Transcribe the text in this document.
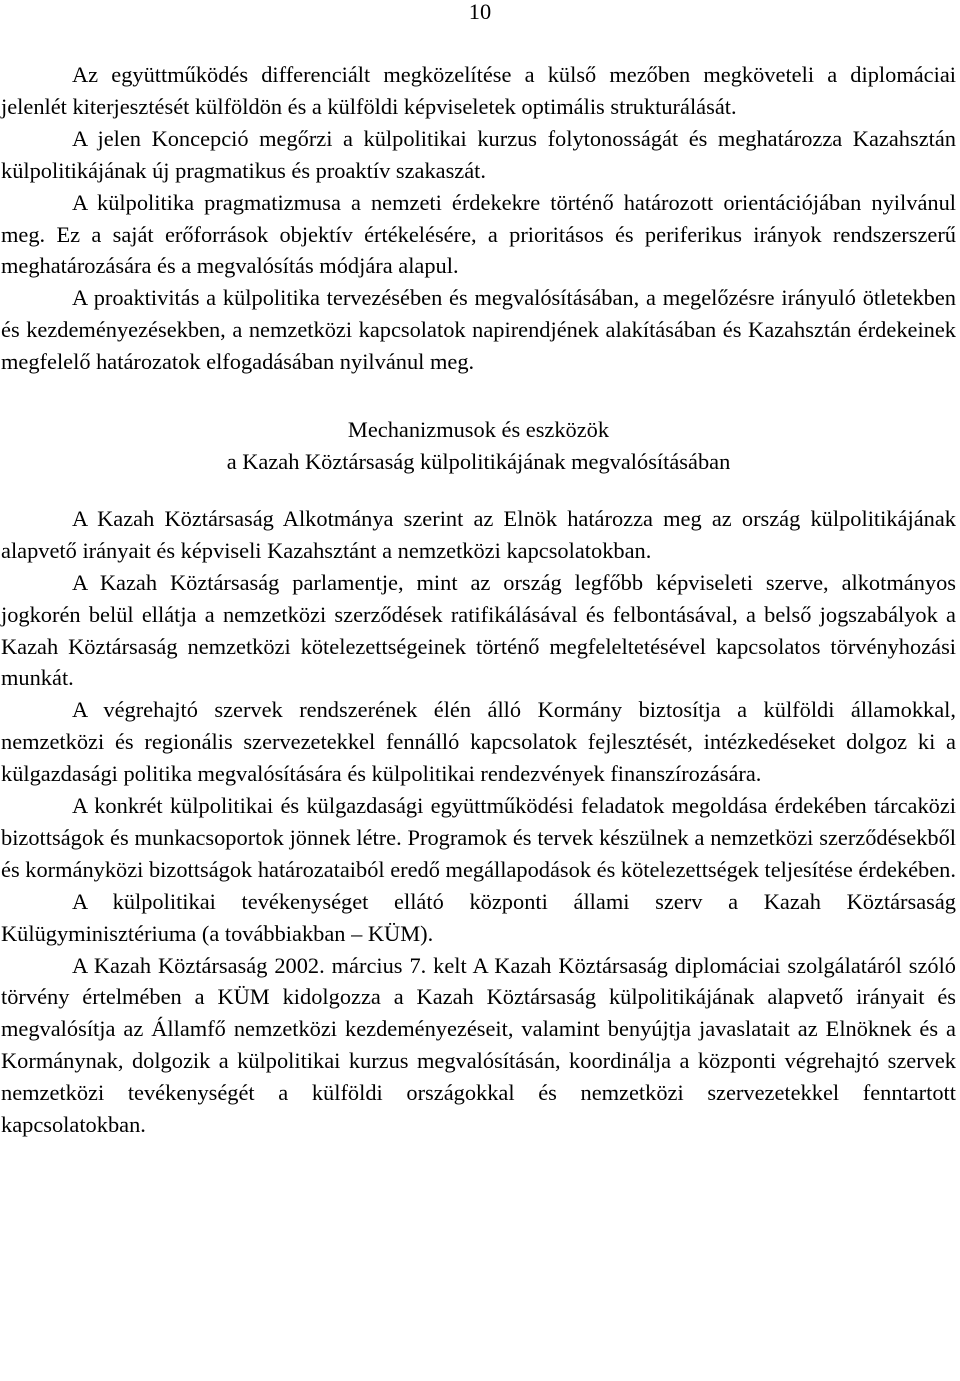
10

Az együttműködés differenciált megközelítése a külső mezőben megköveteli a diplomáciai jelenlét kiterjesztését külföldön és a külföldi képviseletek optimális strukturálását.

A jelen Koncepció megőrzi a külpolitikai kurzus folytonosságát és meghatározza Kazahsztán külpolitikájának új pragmatikus és proaktív szakaszát.

A külpolitika pragmatizmusa a nemzeti érdekekre történő határozott orientációjában nyilvánul meg. Ez a saját erőforrások objektív értékelésére, a prioritásos és periferikus irányok rendszerszerű meghatározására és a megvalósítás módjára alapul.

A proaktivitás a külpolitika tervezésében és megvalósításában, a megelőzésre irányuló ötletekben és kezdeményezésekben, a nemzetközi kapcsolatok napirendjének alakításában és Kazahsztán érdekeinek megfelelő határozatok elfogadásában nyilvánul meg.

Mechanizmusok és eszközök
a Kazah Köztársaság külpolitikájának megvalósításában

A Kazah Köztársaság Alkotmánya szerint az Elnök határozza meg az ország külpolitikájának alapvető irányait és képviseli Kazahsztánt a nemzetközi kapcsolatokban.

A Kazah Köztársaság parlamentje, mint az ország legfőbb képviseleti szerve, alkotmányos jogkorén belül ellátja a nemzetközi szerződések ratifikálásával és felbontásával, a belső jogszabályok a Kazah Köztársaság nemzetközi kötelezettségeinek történő megfeleltetésével kapcsolatos törvényhozási munkát.

A végrehajtó szervek rendszerének élén álló Kormány biztosítja a külföldi államokkal, nemzetközi és regionális szervezetekkel fennálló kapcsolatok fejlesztését, intézkedéseket dolgoz ki a külgazdasági politika megvalósítására és külpolitikai rendezvények finanszírozására.

A konkrét külpolitikai és külgazdasági együttműködési feladatok megoldása érdekében tárcaközi bizottságok és munkacsoportok jönnek létre. Programok és tervek készülnek a nemzetközi szerződésekből és kormányközi bizottságok határozataiból eredő megállapodások és kötelezettségek teljesítése érdekében.

A külpolitikai tevékenységet ellátó központi állami szerv a Kazah Köztársaság Külügyminisztériuma (a továbbiakban – KÜM).

A Kazah Köztársaság 2002. március 7. kelt A Kazah Köztársaság diplomáciai szolgálatáról szóló törvény értelmében a KÜM kidolgozza a Kazah Köztársaság külpolitikájának alapvető irányait és megvalósítja az Államfő nemzetközi kezdeményezéseit, valamint benyújtja javaslatait az Elnöknek és a Kormánynak, dolgozik a külpolitikai kurzus megvalósításán, koordinálja a központi végrehajtó szervek nemzetközi tevékenységét a külföldi országokkal és nemzetközi szervezetekkel fenntartott kapcsolatokban.
